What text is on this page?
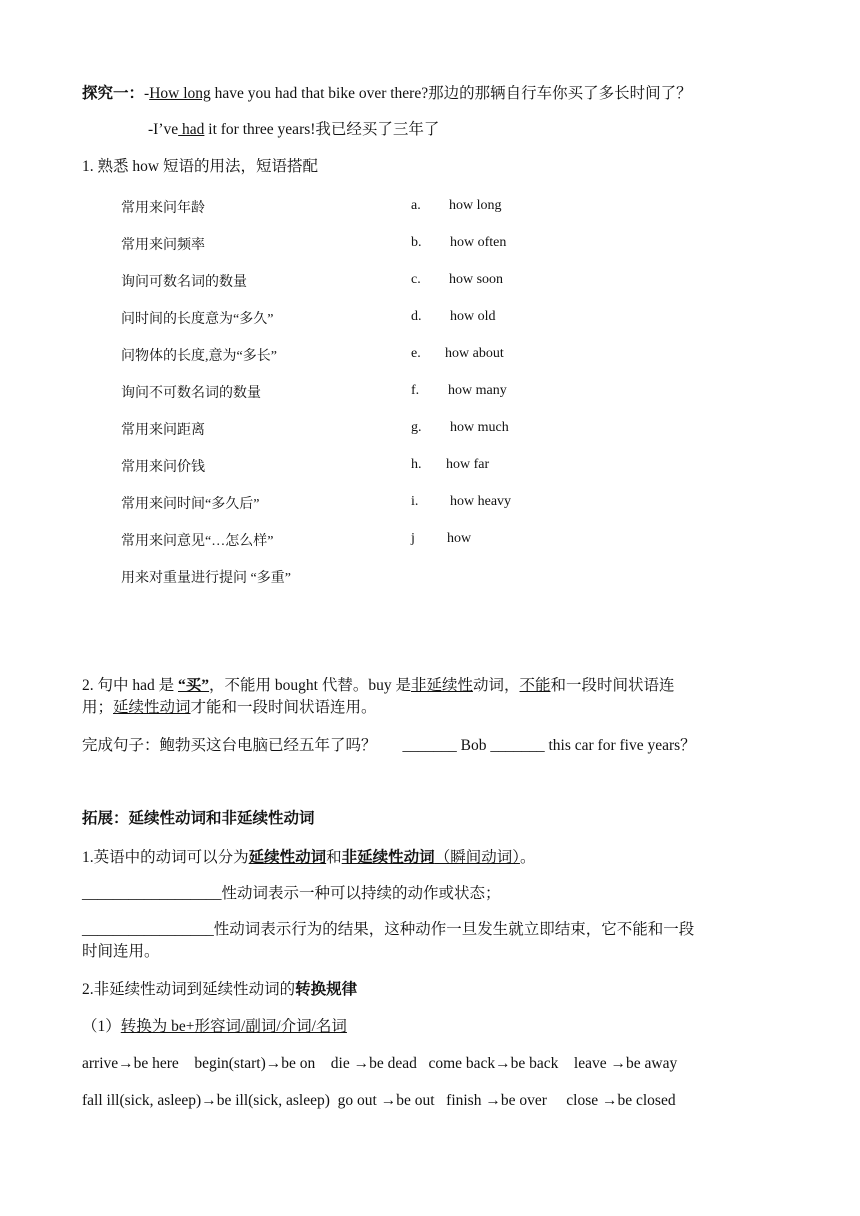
探究一：-How long have you had that bike over there?那边的那辆自行车你买了多长时间了？
-I’ve had it for three years!我已经买了三年了
1. 熟悉 how 短语的用法，短语搭配
常用来问年龄
常用来问频率
询问可数名词的数量
问时间的长度意为“多久”
问物体的长度,意为“多长”
询问不可数名词的数量
常用来问距离
常用来问价钱
常用来问时间“多久后”
常用来问意见“…怎么样”
用来对重量进行提问 “多重”
a. how long
b. how often
c. how soon
d. how old
e. how about
f. how many
g. how much
h. how far
i. how heavy
j how
2. 句中 had 是 “买”，不能用 bought 代替。buy 是非延续性动词，不能和一段时间状语连
用；延续性动词才能和一段时间状语连用。
完成句子：鲍勃买这台电脑已经五年了吗？ _______ Bob _______ this car for five years？
拓展：延续性动词和非延续性动词
1.英语中的动词可以分为延续性动词和非延续性动词（瞬间动词）。
__________________性动词表示一种可以持续的动作或状态；
_________________性动词表示行为的结果，这种动作一旦发生就立即结束，它不能和一段
时间连用。
2.非延续性动词到延续性动词的转换规律
（1）转换为 be+形容词/副词/介词/名词
arrive→be here    begin(start)→be on    die →be dead   come back→be back    leave →be away
fall ill(sick, asleep)→be ill(sick, asleep)  go out →be out   finish →be over     close →be closed
